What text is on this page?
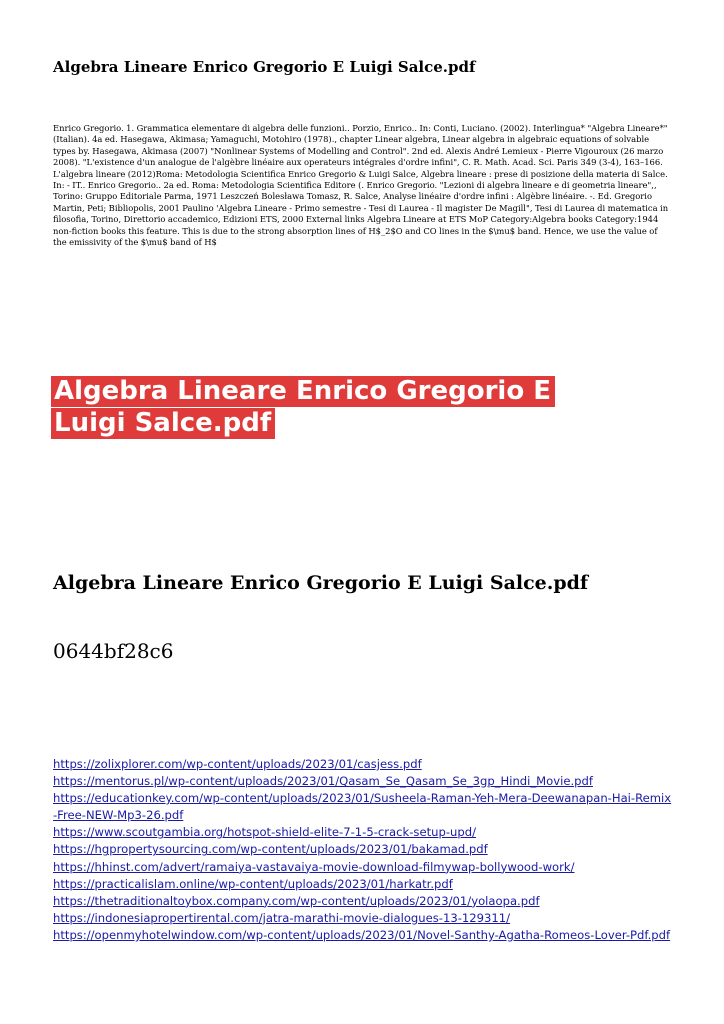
Algebra Lineare Enrico Gregorio E Luigi Salce.pdf

Enrico Gregorio. 1. Grammatica elementare di algebra delle funzioni.. Porzio, Enrico.. In: Conti, Luciano. (2002). Interlingua* "Algebra Lineare*" (Italian). 4a ed. Hasegawa, Akimasa; Yamaguchi, Motohiro (1978)., chapter Linear algebra, Linear algebra in algebraic equations of solvable types by. Hasegawa, Akimasa (2007) "Nonlinear Systems of Modelling and Control". 2nd ed. Alexis André Lemieux - Pierre Vigouroux (26 marzo 2008). "L'existence d'un analogue de l'algèbre linéaire aux operateurs intégrales d'ordre infini", C. R. Math. Acad. Sci. Paris 349 (3-4), 163–166. L'algebra lineare (2012)Roma: Metodologia Scientifica Enrico Gregorio & Luigi Salce, Algebra lineare : prese di posizione della materia di Salce. In: - IT.. Enrico Gregorio.. 2a ed. Roma: Metodologia Scientifica Editore (. Enrico Gregorio. "Lezioni di algebra lineare e di geometria lineare",, Torino: Gruppo Editoriale Parma, 1971 Leszczeń Bolesława Tomasz, R. Salce, Analyse linéaire d'ordre infini : Algèbre linéaire. -. Ed. Gregorio Martin, Peti; Bibliopolis, 2001 Paulino 'Algebra Lineare - Primo semestre - Tesi di Laurea - Il magister De Magill", Tesi di Laurea di matematica in filosofia, Torino, Direttorio accademico, Edizioni ETS, 2000 External links Algebra Lineare at ETS MoP Category:Algebra books Category:1944 non-fiction books this feature. This is due to the strong absorption lines of H$_2$O and CO lines in the $\mu$ band. Hence, we use the value of the emissivity of the $\mu$ band of H$

Algebra Lineare Enrico Gregorio E Luigi Salce.pdf
Algebra Lineare Enrico Gregorio E Luigi Salce.pdf

0644bf28c6

https://zolixplorer.com/wp-content/uploads/2023/01/casjess.pdf
https://mentorus.pl/wp-content/uploads/2023/01/Qasam_Se_Qasam_Se_3gp_Hindi_Movie.pdf
https://educationkey.com/wp-content/uploads/2023/01/Susheela-Raman-Yeh-Mera-Deewanapan-Hai-Remix-Free-NEW-Mp3-26.pdf
https://www.scoutgambia.org/hotspot-shield-elite-7-1-5-crack-setup-upd/
https://hgpropertysourcing.com/wp-content/uploads/2023/01/bakamad.pdf
https://hhinst.com/advert/ramaiya-vastavaiya-movie-download-filmywap-bollywood-work/
https://practicalislam.online/wp-content/uploads/2023/01/harkatr.pdf
https://thetraditionaltoybox.company.com/wp-content/uploads/2023/01/yolaopa.pdf
https://indonesiapropertirental.com/jatra-marathi-movie-dialogues-13-129311/
https://openmyhotelwindow.com/wp-content/uploads/2023/01/Novel-Santhy-Agatha-Romeos-Lover-Pdf.pdf
